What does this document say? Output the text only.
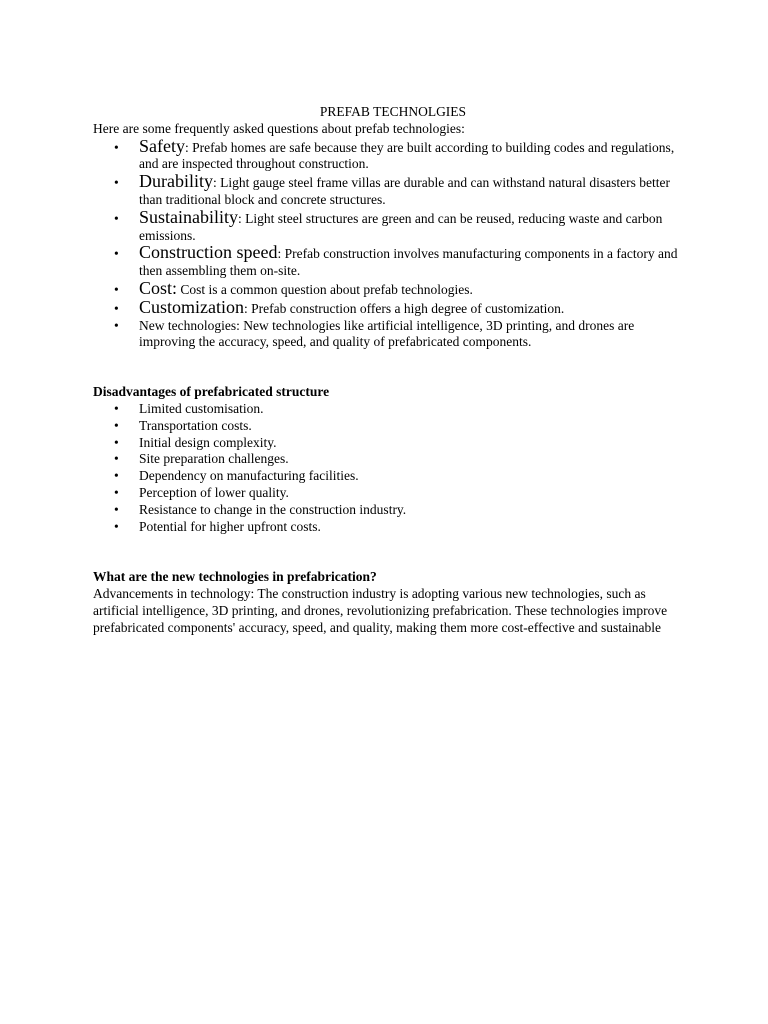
PREFAB TECHNOLGIES

Here are some frequently asked questions about prefab technologies:

• Safety: Prefab homes are safe because they are built according to building codes and regulations, and are inspected throughout construction.
• Durability: Light gauge steel frame villas are durable and can withstand natural disasters better than traditional block and concrete structures.
• Sustainability: Light steel structures are green and can be reused, reducing waste and carbon emissions.
• Construction speed: Prefab construction involves manufacturing components in a factory and then assembling them on-site.
• Cost: Cost is a common question about prefab technologies.
• Customization: Prefab construction offers a high degree of customization.
• New technologies: New technologies like artificial intelligence, 3D printing, and drones are improving the accuracy, speed, and quality of prefabricated components.

Disadvantages of prefabricated structure

• Limited customisation.
• Transportation costs.
• Initial design complexity.
• Site preparation challenges.
• Dependency on manufacturing facilities.
• Perception of lower quality.
• Resistance to change in the construction industry.
• Potential for higher upfront costs.

What are the new technologies in prefabrication?

Advancements in technology: The construction industry is adopting various new technologies, such as artificial intelligence, 3D printing, and drones, revolutionizing prefabrication. These technologies improve prefabricated components' accuracy, speed, and quality, making them more cost-effective and sustainable
